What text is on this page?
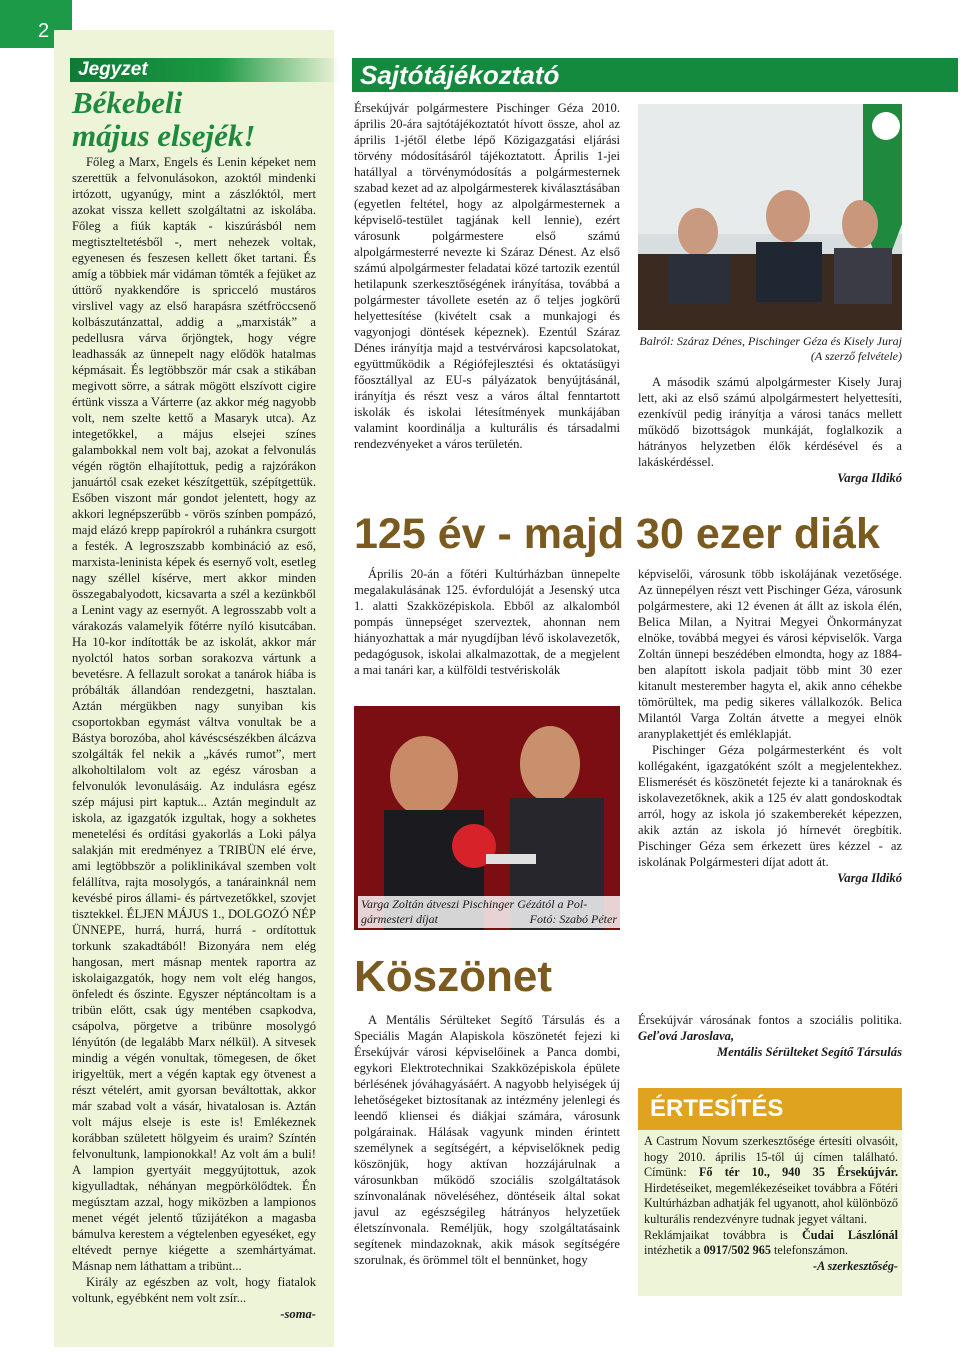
2
Jegyzet
Békebeli
május elsejék!

Főleg a Marx, Engels és Lenin képeket nem szerettük a felvonulásokon, azoktól mindenki irtózott, ugyanúgy, mint a zászlóktól, mert azokat vissza kellett szolgáltatni az iskolába. Főleg a fiúk kapták - kiszúrásból nem megtiszteltetésből -, mert nehezek voltak, egyenesen és feszesen kellett őket tartani. És amíg a többiek már vidáman tömték a fejüket az úttörő nyakkendőre is spricceló mustáros virslivel vagy az első harapásra szétfröccsenő kolbászutánzattal, addig a „marxisták” a pedellusra várva őrjöngtek, hogy végre leadhassák az ünnepelt nagy elődök hatalmas képmásait. És legtöbbször már csak a stikában megivott sörre, a sátrak mögött elszívott cigire értünk vissza a Várterre (az akkor még nagyobb volt, nem szelte kettő a Masaryk utca). Az integetőkkel, a május elsejei színes galambokkal nem volt baj, azokat a felvonulás végén rögtön elhajítottuk, pedig a rajzórákon januártól csak ezeket készítgettük, szépítgettük. Esőben viszont már gondot jelentett, hogy az akkori legnépszerűbb - vörös színben pompázó, majd elázó krepp papírokról a ruhánkra csurgott a festék. A legroszszabb kombináció az eső, marxista-leninista képek és esernyő volt, esetleg nagy széllel kísérve, mert akkor minden összegabalyodott, kicsavarta a szél a kezünkből a Lenint vagy az esernyőt. A legrosszabb volt a várakozás valamelyik főtérre nyíló kisutcában. Ha 10-kor indították be az iskolát, akkor már nyolctól hatos sorban sorakozva vártunk a bevetésre. A fellazult sorokat a tanárok hiába is próbálták állandóan rendezgetni, hasztalan. Aztán mérgükben nagy sunyiban kis csoportokban egymást váltva vonultak be a Bástya borozóba, ahol kávéscsészékben álcázva szolgálták fel nekik a „kávés rumot”, mert alkoholtilalom volt az egész városban a felvonulók levonulásáig. Az indulásra egész szép májusi pirt kaptuk... Aztán megindult az iskola, az igazgatók izgultak, hogy a sokhetes menetelési és ordítási gyakorlás a Loki pálya salakján mit eredményez a TRIBÜN elé érve, ami legtöbbször a poliklinikával szemben volt felállítva, rajta mosolygós, a tanárainknál nem kevésbé piros állami- és pártvezetőkkel, szovjet tisztekkel. ÉLJEN MÁJUS 1., DOLGOZÓ NÉP ÜNNEPE, hurrá, hurrá, hurrá - ordítottuk torkunk szakadtából! Bizonyára nem elég hangosan, mert másnap mentek raportra az iskolaigazgatók, hogy nem volt elég hangos, önfeledt és őszinte. Egyszer néptáncoltam is a tribün előtt, csak úgy mentében csapkodva, csápolva, pörgetve a tribünre mosolygó lényútón (de legalább Marx nélkül). A sitvesek mindig a végén vonultak, tömegesen, de őket irigyeltük, mert a végén kaptak egy ötvenest a részt vételért, amit gyorsan beváltottak, akkor már szabad volt a vásár, hivatalosan is. Aztán volt május elseje is este is! Emlékeznek korábban született hölgyeim és uraim? Színtén felvonultunk, lampionokkal! Az volt ám a buli! A lampion gyertyáit meggyújtottuk, azok kigyulladtak, néhányan megpörkölődtek. Én megúsztam azzal, hogy miközben a lampionos menet végét jelentő tűzijátékon a magasba bámulva kerestem a végtelenben egyeséket, egy eltévedt pernye kiégette a szemhártyámat. Másnap nem láthattam a tribünt...

Király az egészben az volt, hogy fiatalok voltunk, egyébként nem volt zsír...

-soma-
Sajtótájékoztató

Érsekújvár polgármestere Pischinger Géza 2010. április 20-ára sajtótájékoztatót hívott össze, ahol az április 1-jétől életbe lépő Közigazgatási eljárási törvény módosításáról tájékoztatott. Április 1-jei hatállyal a törvénymódosítás a polgármesternek szabad kezet ad az alpolgármesterek kiválasztásában (egyetlen feltétel, hogy az alpolgármesternek a képviselő-testület tagjának kell lennie), ezért városunk polgármestere első számú alpolgármesterré nevezte ki Száraz Dénest. Az első számú alpolgármester feladatai közé tartozik ezentúl hetilapunk szerkesztőségének irányítása, továbbá a polgármester távollete esetén az ő teljes jogkörű helyettesítése (kivételt csak a munkajogi és vagyonjogi döntések képeznek). Ezentúl Száraz Dénes irányítja majd a testvérvárosi kapcsolatokat, együttműködik a Régiófejlesztési és oktatásügyi főosztállyal az EU-s pályázatok benyújtásánál, irányítja és részt vesz a város által fenntartott iskolák és iskolai létesítmények munkájában valamint koordinálja a kulturális és társadalmi rendezvényeket a város területén.

Balról: Száraz Dénes, Pischinger Géza és Kisely Juraj
(A szerző felvétele)

A második számú alpolgármester Kisely Juraj lett, aki az első számú alpolgármestert helyettesíti, ezenkívül pedig irányítja a városi tanács mellett működő bizottságok munkáját, foglalkozik a hátrányos helyzetben élők kérdésével és a lakáskérdéssel.

Varga Ildikó
125 év - majd 30 ezer diák

Április 20-án a főtéri Kultúrházban ünnepelte megalakulásának 125. évfordulóját a Jesenský utca 1. alatti Szakközépiskola. Ebből az alkalomból pompás ünnepséget szerveztek, ahonnan nem hiányozhattak a már nyugdíjban lévő iskolavezetők, pedagógusok, iskolai alkalmazottak, de a megjelent a mai tanári kar, a külföldi testvériskolák

Varga Zoltán átveszi Pischinger Gézától a Pol-
gármesteri díjat	Fotó: Szabó Péter

képviselői, városunk több iskolájának vezetősége. Az ünnepélyen részt vett Pischinger Géza, városunk polgármestere, aki 12 évenen át állt az iskola élén, Belica Milan, a Nyitrai Megyei Önkormányzat elnöke, továbbá megyei és városi képviselők. Varga Zoltán ünnepi beszédében elmondta, hogy az 1884-ben alapított iskola padjait több mint 30 ezer kitanult mesterember hagyta el, akik anno céhekbe tömörültek, ma pedig sikeres vállalkozók. Belica Milantól Varga Zoltán átvette a megyei elnök aranyplakettjét és emléklapját.

Pischinger Géza polgármesterként és volt kollégaként, igazgatóként szólt a megjelentekhez. Elismerését és köszönetét fejezte ki a tanároknak és iskolavezetőknek, akik a 125 év alatt gondoskodtak arról, hogy az iskola jó szakemberekét képezzen, akik aztán az iskola jó hírnevét öregbítik. Pischinger Géza sem érkezett üres kézzel - az iskolának Polgármesteri díjat adott át.

Varga Ildikó
Köszönet

A Mentális Sérülteket Segítő Társulás és a Speciális Magán Alapiskola köszönetét fejezi ki Érsekújvár városi képviselőinek a Panca dombi, egykori Elektrotechnikai Szakközépiskola épülete bérlésének jóváhagyásáért. A nagyobb helyiségek új lehetőségeket biztosítanak az intézmény jelenlegi és leendő kliensei és diákjai számára, városunk polgárainak. Hálásak vagyunk minden érintett személynek a segítségért, a képviselőknek pedig köszönjük, hogy aktívan hozzájárulnak a városunkban működő szociális szolgáltatások színvonalának növeléséhez, döntéseik által sokat javul az egészségileg hátrányos helyzetűek életszínvonala. Reméljük, hogy szolgáltatásaink segítenek mindazoknak, akik mások segítségére szorulnak, és örömmel tölt el bennünket, hogy

Érsekújvár városának fontos a szociális politika. Geľová Jaroslava,

Mentális Sérülteket Segítő Társulás
ÉRTESÍTÉS

A Castrum Novum szerkesztősége értesíti olvasóit, hogy 2010. április 15-től új címen található. Címünk: Fő tér 10., 940 35 Érsekújvár. Hirdetéseiket, megemlékezéseiket továbbra a Főtéri Kultúrházban adhatják fel ugyanott, ahol különböző kulturális rendezvényre tudnak jegyet váltani.

Reklámjaikat továbbra is Čudai Lászlónál intézhetik a 0917/502 965 telefonszámon.

-A szerkesztőség-
